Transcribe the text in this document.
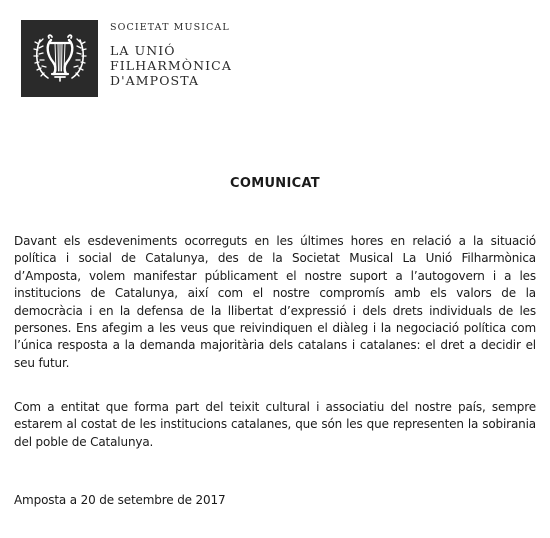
SOCIETAT MUSICAL
LA UNIÓ
FILHARMÒNICA
D'AMPOSTA
COMUNICAT
Davant els esdeveniments ocorreguts en les últimes hores en relació a la situació política i social de Catalunya, des de la Societat Musical La Unió Filharmònica d’Amposta, volem manifestar públicament el nostre suport a l’autogovern i a les institucions de Catalunya, així com el nostre compromís amb els valors de la democràcia i en la defensa de la llibertat d’expressió i dels drets individuals de les persones. Ens afegim a les veus que reivindiquen el diàleg i la negociació política com l’única resposta a la demanda majoritària dels catalans i catalanes: el dret a decidir el seu futur.
Com a entitat que forma part del teixit cultural i associatiu del nostre país, sempre estarem al costat de les institucions catalanes, que són les que representen la sobirania del poble de Catalunya.
Amposta a 20 de setembre de 2017
